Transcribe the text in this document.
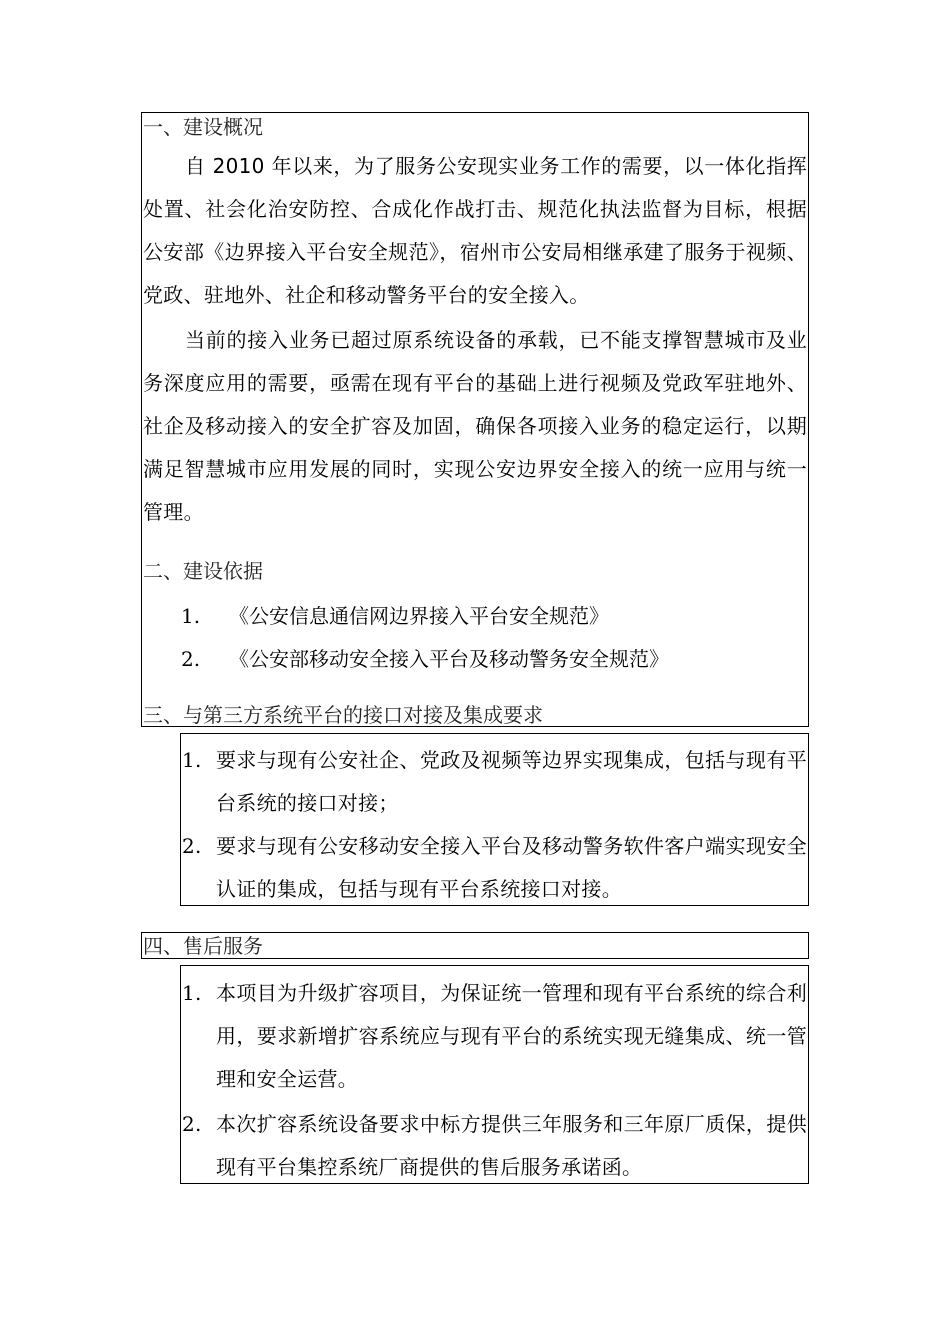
一、建设概况

自 2010 年以来，为了服务公安现实业务工作的需要，以一体化指挥处置、社会化治安防控、合成化作战打击、规范化执法监督为目标，根据公安部《边界接入平台安全规范》，宿州市公安局相继承建了服务于视频、党政、驻地外、社企和移动警务平台的安全接入。

当前的接入业务已超过原系统设备的承载，已不能支撑智慧城市及业务深度应用的需要，亟需在现有平台的基础上进行视频及党政军驻地外、社企及移动接入的安全扩容及加固，确保各项接入业务的稳定运行，以期满足智慧城市应用发展的同时，实现公安边界安全接入的统一应用与统一管理。

二、建设依据
1. 《公安信息通信网边界接入平台安全规范》
2. 《公安部移动安全接入平台及移动警务安全规范》
三、与第三方系统平台的接口对接及集成要求
1. 要求与现有公安社企、党政及视频等边界实现集成，包括与现有平台系统的接口对接；
2. 要求与现有公安移动安全接入平台及移动警务软件客户端实现安全认证的集成，包括与现有平台系统接口对接。
四、售后服务
1. 本项目为升级扩容项目，为保证统一管理和现有平台系统的综合利用，要求新增扩容系统应与现有平台的系统实现无缝集成、统一管理和安全运营。
2. 本次扩容系统设备要求中标方提供三年服务和三年原厂质保，提供现有平台集控系统厂商提供的售后服务承诺函。
